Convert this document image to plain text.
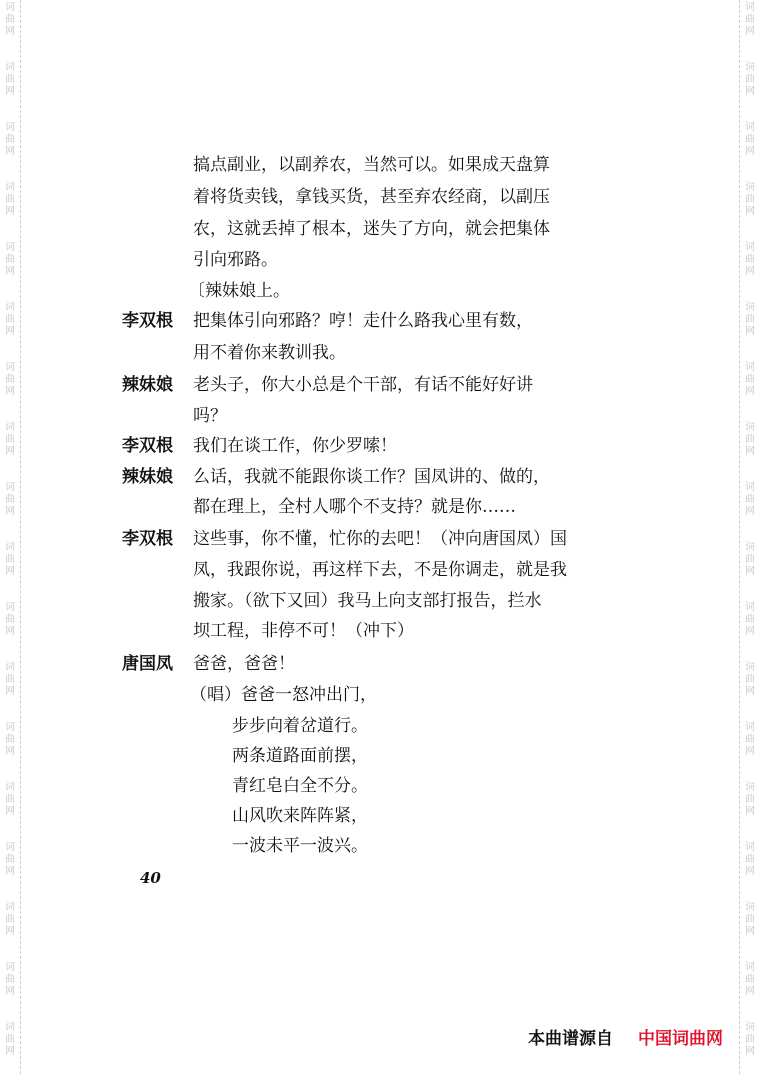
词
曲
网
词
曲
网
词
曲
网
词
曲
网
词
曲
网
词
曲
网
词
曲
网
词
曲
网
词
曲
网
词
曲
网
词
曲
网
词
曲
网
词
曲
网
词
曲
网
词
曲
网
词
曲
网
词
曲
网
词
曲
网
词
曲
网
词
曲
网
词
曲
网
词
曲
网
词
曲
网
词
曲
网
词
曲
网
词
曲
网
词
曲
网
词
曲
网
词
曲
网
词
曲
网
词
曲
网
词
曲
网
词
曲
网
词
曲
网
词
曲
网
词
曲
网
搞点副业，以副养农，当然可以。如果成天盘算
着将货卖钱，拿钱买货，甚至弃农经商，以副压
农，这就丢掉了根本，迷失了方向，就会把集体
引向邪路。
〔辣妹娘上。
李双根 把集体引向邪路？哼！走什么路我心里有数，
用不着你来教训我。
辣妹娘 老头子，你大小总是个干部，有话不能好好讲
吗？
李双根 我们在谈工作，你少罗嗦！
辣妹娘 么话，我就不能跟你谈工作？国凤讲的、做的，
都在理上，全村人哪个不支持？就是你……
李双根 这些事，你不懂，忙你的去吧！（冲向唐国凤）国
凤，我跟你说，再这样下去，不是你调走，就是我
搬家。（欲下又回）我马上向支部打报告，拦水
坝工程，非停不可！（冲下）
唐国凤 爸爸，爸爸！
（唱）爸爸一怒冲出门，
步步向着岔道行。
两条道路面前摆，
青红皂白全不分。
山风吹来阵阵紧，
一波未平一波兴。
40
本曲谱源自 中国词曲网
